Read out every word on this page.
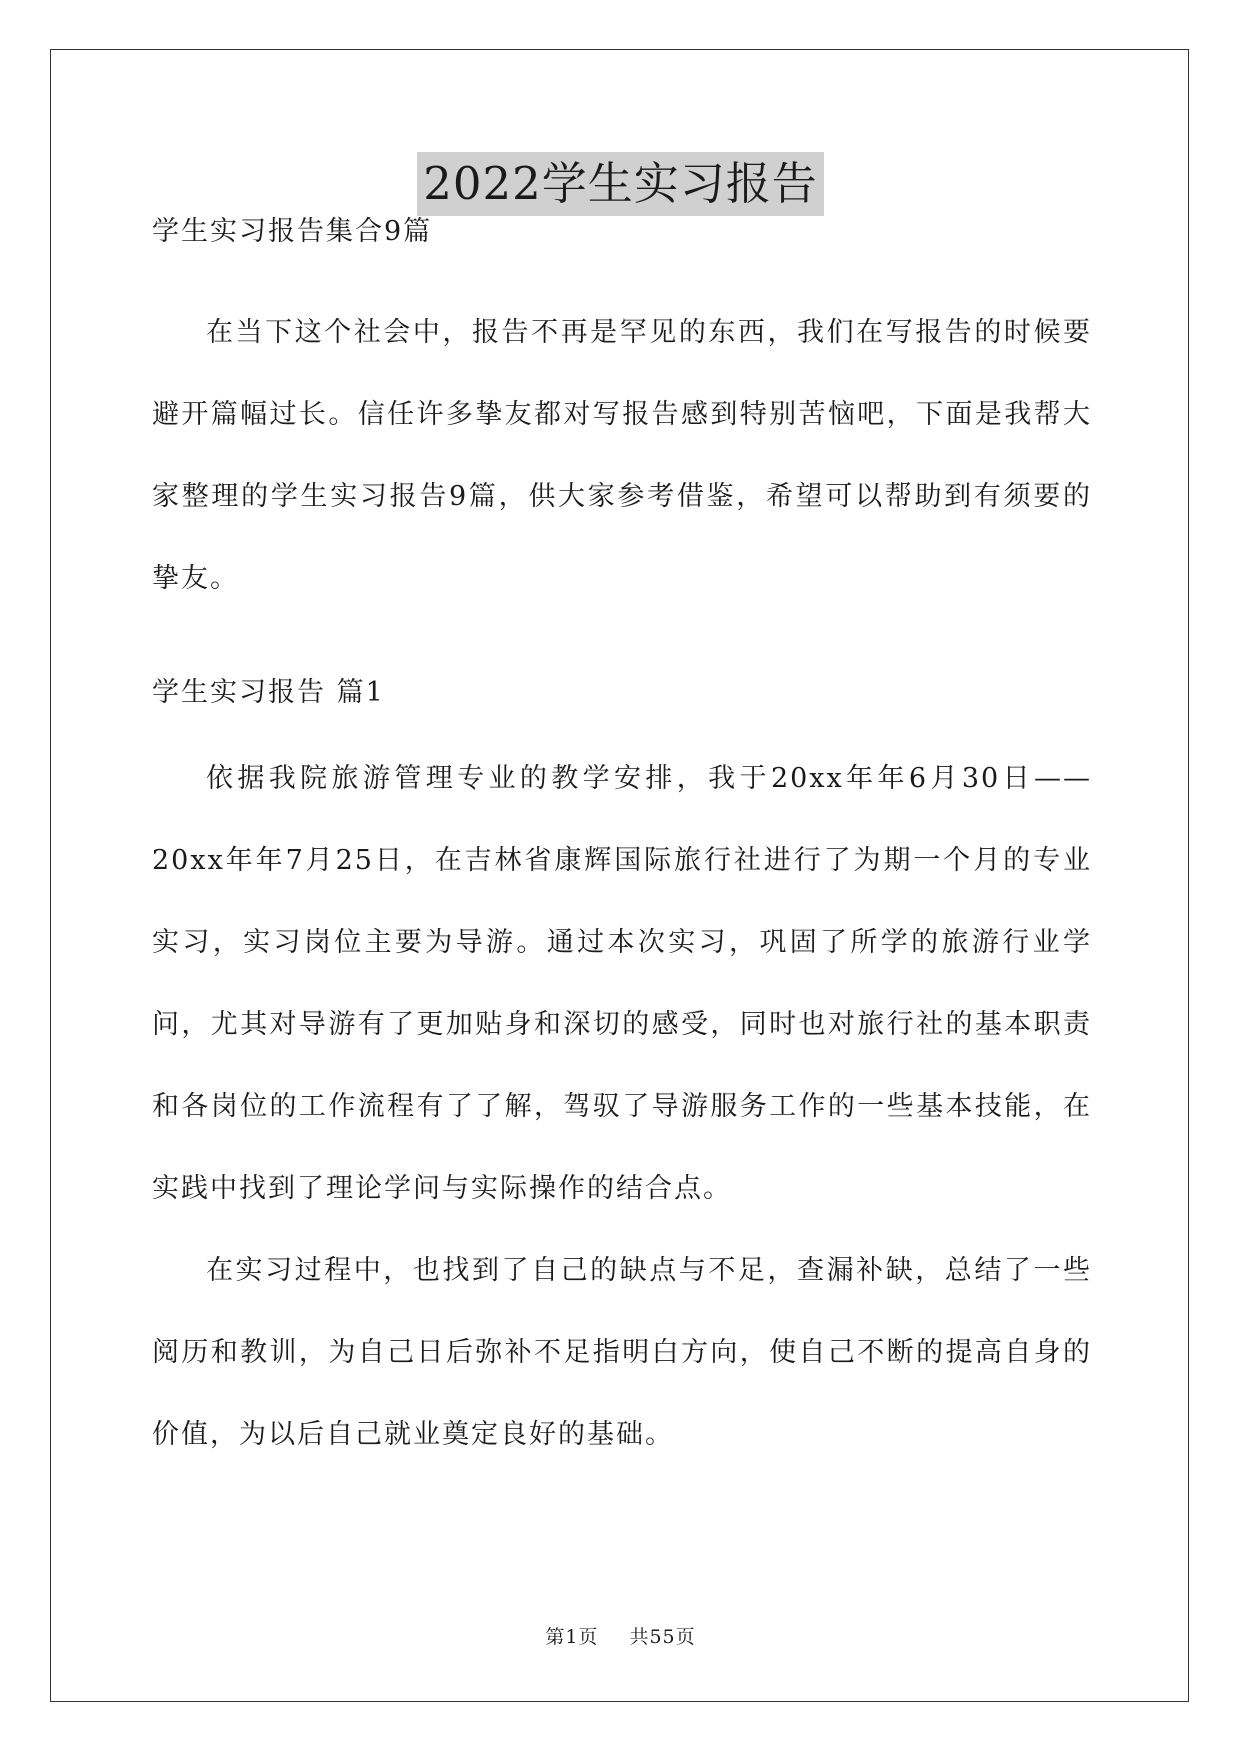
2022学生实习报告
学生实习报告集合9篇

在当下这个社会中，报告不再是罕见的东西，我们在写报告的时候要避开篇幅过长。信任许多挚友都对写报告感到特别苦恼吧，下面是我帮大家整理的学生实习报告9篇，供大家参考借鉴，希望可以帮助到有须要的挚友。

学生实习报告 篇1

依据我院旅游管理专业的教学安排，我于20xx年年6月30日——20xx年年7月25日，在吉林省康辉国际旅行社进行了为期一个月的专业实习，实习岗位主要为导游。通过本次实习，巩固了所学的旅游行业学问，尤其对导游有了更加贴身和深切的感受，同时也对旅行社的基本职责和各岗位的工作流程有了了解，驾驭了导游服务工作的一些基本技能，在实践中找到了理论学问与实际操作的结合点。

在实习过程中，也找到了自己的缺点与不足，查漏补缺，总结了一些阅历和教训，为自己日后弥补不足指明白方向，使自己不断的提高自身的价值，为以后自己就业奠定良好的基础。

第1页 共55页
